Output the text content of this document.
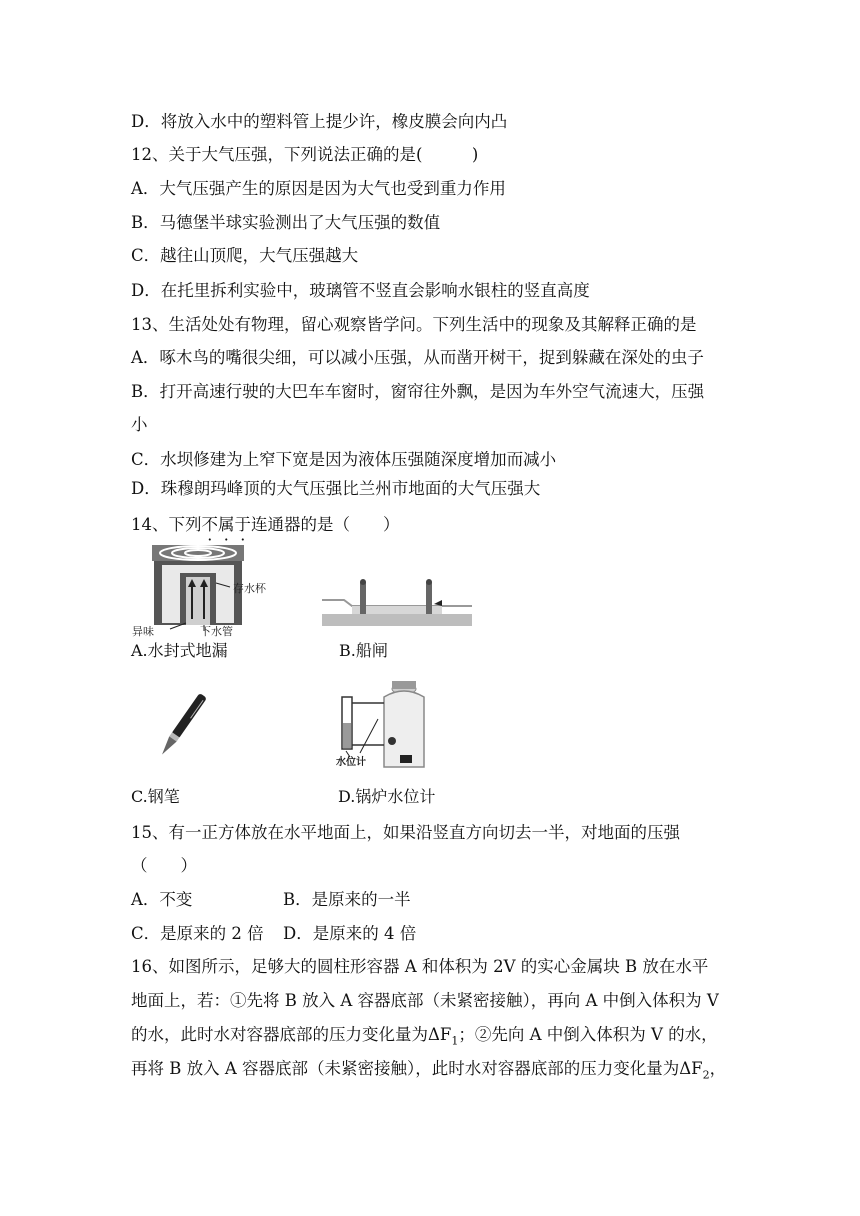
D．将放入水中的塑料管上提少许，橡皮膜会向内凸
12、关于大气压强，下列说法正确的是(　　　)
A．大气压强产生的原因是因为大气也受到重力作用
B．马德堡半球实验测出了大气压强的数值
C．越往山顶爬，大气压强越大
D．在托里拆利实验中，玻璃管不竖直会影响水银柱的竖直高度
13、生活处处有物理，留心观察皆学问。下列生活中的现象及其解释正确的是
A．啄木鸟的嘴很尖细，可以减小压强，从而凿开树干，捉到躲藏在深处的虫子
B．打开高速行驶的大巴车车窗时，窗帘往外飘，是因为车外空气流速大，压强
小
C．水坝修建为上窄下宽是因为液体压强随深度增加而减小
D．珠穆朗玛峰顶的大气压强比兰州市地面的大气压强大
14、下列不属于连通器的是（　　）
存水杯
异味	下水管
A.水封式地漏	B.船闸
C.钢笔
水位计
D.锅炉水位计
15、有一正方体放在水平地面上，如果沿竖直方向切去一半，对地面的压强
（　　）
A．不变	B．是原来的一半
C．是原来的 2 倍 D．是原来的 4 倍
16、如图所示，足够大的圆柱形容器 A 和体积为 2V 的实心金属块 B 放在水平
地面上，若：①先将 B 放入 A 容器底部（未紧密接触），再向 A 中倒入体积为 V
的水，此时水对容器底部的压力变化量为$\Delta F_1$；②先向 A 中倒入体积为 V 的水，
再将 B 放入 A 容器底部（未紧密接触），此时水对容器底部的压力变化量为$\Delta F_2$，
